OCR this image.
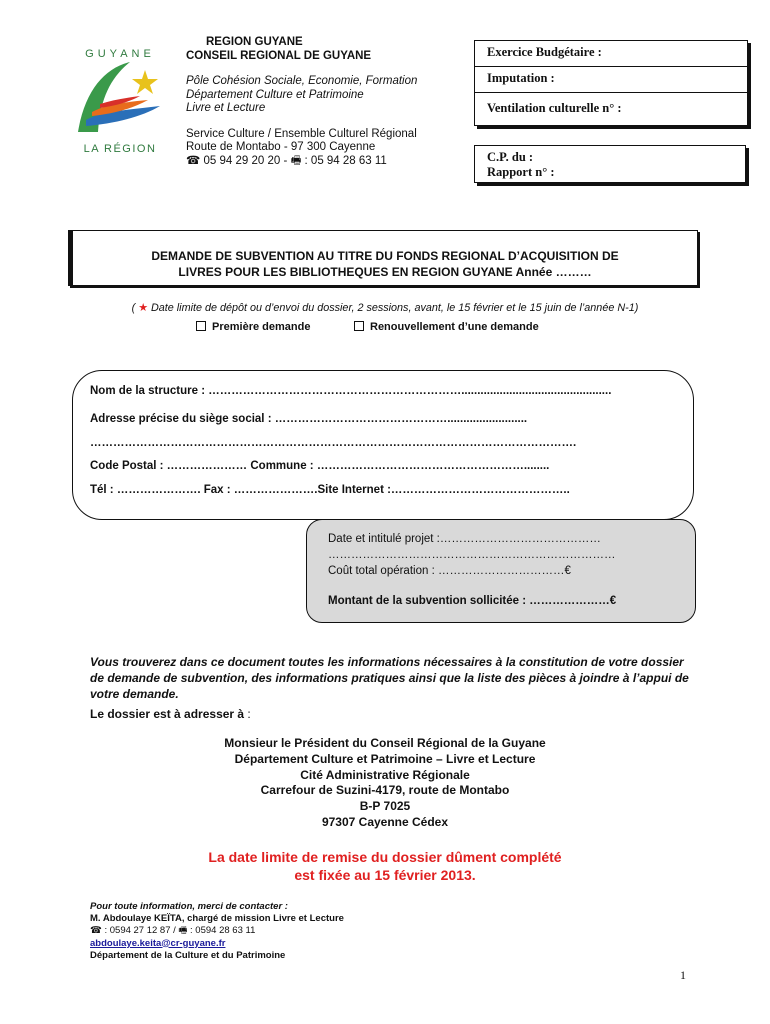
GUYANE
LA RÉGION
REGION GUYANE
CONSEIL REGIONAL DE GUYANE
Pôle Cohésion Sociale, Economie, Formation
Département Culture et Patrimoine
Livre et Lecture
Service Culture / Ensemble Culturel Régional
Route de Montabo - 97 300 Cayenne
☎ 05 94 29 20 20 - 🖷 : 05 94 28 63 11
Exercice Budgétaire :
Imputation :
Ventilation culturelle n° :
C.P. du :
Rapport n° :
DEMANDE DE SUBVENTION AU TITRE DU FONDS REGIONAL D’ACQUISITION DE
LIVRES POUR LES BIBLIOTHEQUES EN REGION GUYANE Année ………
( ★ Date limite de dépôt ou d’envoi du dossier, 2 sessions, avant, le 15 février et le 15 juin de l’année N-1)
Première demande	Renouvellement d’une demande
Nom de la structure : …………………………………………………………...............................................
Adresse précise du siège social : ……………………………………….........................
……………………………………………………………………………………………………………….
Code Postal : ………………… Commune : ………………………………………………........
Tél : …………………. Fax : ………………….Site Internet :………………………………………..
Date et intitulé projet :……………………………………
…………………………………………………………………
Coût total opération : ……………………………€
Montant de la subvention sollicitée : …………………€
Vous trouverez dans ce document toutes les informations nécessaires à la constitution de votre dossier de demande de subvention, des informations pratiques ainsi que la liste des pièces à joindre à l’appui de votre demande.
Le dossier est à adresser à :
Monsieur le Président du Conseil Régional de la Guyane
Département Culture et Patrimoine – Livre et Lecture
Cité Administrative Régionale
Carrefour de Suzini-4179, route de Montabo
B-P 7025
97307 Cayenne Cédex
La date limite de remise du dossier dûment complété
est fixée au 15 février 2013.
Pour toute information, merci de contacter :
M. Abdoulaye KEÏTA, chargé de mission Livre et Lecture
☎ : 0594 27 12 87 / 🖷 : 0594 28 63 11
abdoulaye.keita@cr-guyane.fr
Département de la Culture et du Patrimoine
1
